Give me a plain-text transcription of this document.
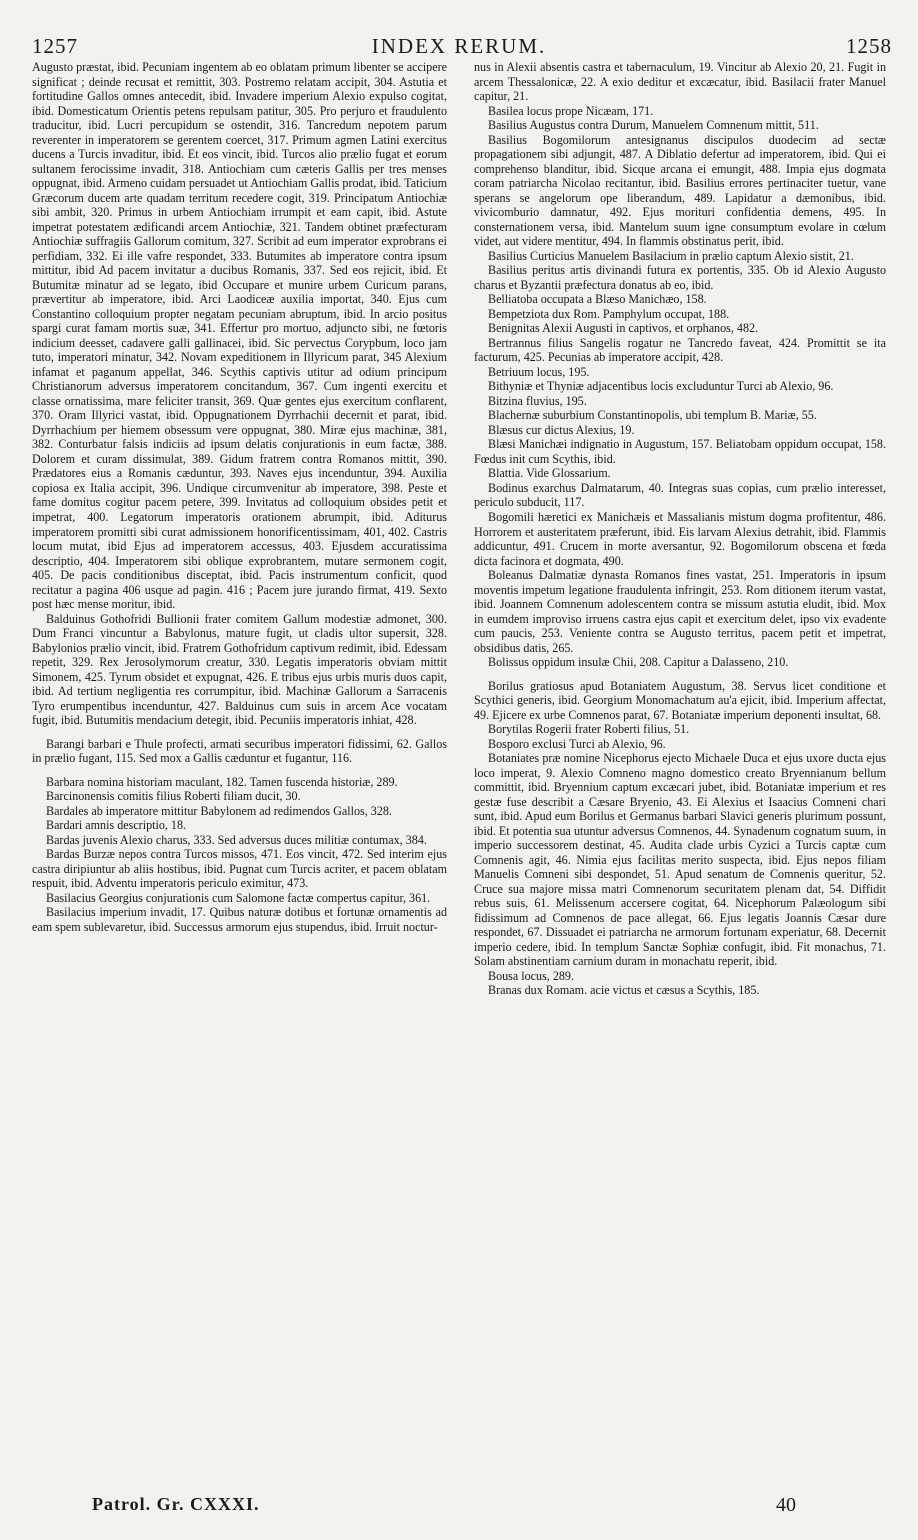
1257	INDEX RERUM.	1258

Augusto præstat, ibid. Pecuniam ingentem ab eo oblatam primum libenter se accipere significat ; deinde recusat et remittit, 303. Postremo relatam accipit, 304. Astutia et fortitudine Gallos omnes antecedit, ibid. Invadere imperium Alexio expulso cogitat, ibid. Domesticatum Orientis petens repulsam patitur, 305. Pro perjuro et fraudulento traducitur, ibid. Lucri percupidum se ostendit, 316. Tancredum nepotem parum reverenter in imperatorem se gerentem coercet, 317. Primum agmen Latini exercitus ducens a Turcis invaditur, ibid. Et eos vincit, ibid. Turcos alio prælio fugat et eorum sultanem ferocissime invadit, 318. Antiochiam cum cæteris Gallis per tres menses oppugnat, ibid. Armeno cuidam persuadet ut Antiochiam Gallis prodat, ibid. Taticium Græcorum ducem arte quadam territum recedere cogit, 319. Principatum Antiochiæ sibi ambit, 320. Primus in urbem Antiochiam irrumpit et eam capit, ibid. Astute impetrat potestatem ædificandi arcem Antiochiæ, 321. Tandem obtinet præfecturam Antiochiæ suffragiis Gallorum comitum, 327. Scribit ad eum imperator exprobrans ei perfidiam, 332. Ei ille vafre respondet, 333. Butumites ab imperatore contra ipsum mittitur, ibid Ad pacem invitatur a ducibus Romanis, 337. Sed eos rejicit, ibid. Et Butumitæ minatur ad se legato, ibid Occupare et munire urbem Curicum parans, prævertitur ab imperatore, ibid. Arci Laodiceæ auxilia importat, 340. Ejus cum Constantino colloquium propter negatam pecuniam abruptum, ibid. In arcio positus spargi curat famam mortis suæ, 341. Effertur pro mortuo, adjuncto sibi, ne fœtoris indicium deesset, cadavere galli gallinacei, ibid. Sic pervectus Corypbum, loco jam tuto, imperatori minatur, 342. Novam expeditionem in Illyricum parat, 345 Alexium infamat et paganum appellat, 346. Scythis captivis utitur ad odium principum Christianorum adversus imperatorem concitandum, 367. Cum ingenti exercitu et classe ornatissima, mare feliciter transit, 369. Quæ gentes ejus exercitum conflarent, 370. Oram Illyrici vastat, ibid. Oppugnationem Dyrrhachii decernit et parat, ibid. Dyrrhachium per hiemem obsessum vere oppugnat, 380. Miræ ejus machinæ, 381, 382. Conturbatur falsis indiciis ad ipsum delatis conjurationis in eum factæ, 388. Dolorem et curam dissimulat, 389. Gidum fratrem contra Romanos mittit, 390. Prædatores eius a Romanis cæduntur, 393. Naves ejus incenduntur, 394. Auxilia copiosa ex Italia accipit, 396. Undique circumvenitur ab imperatore, 398. Peste et fame domitus cogitur pacem petere, 399. Invitatus ad colloquium obsides petit et impetrat, 400. Legatorum imperatoris orationem abrumpit, ibid. Aditurus imperatorem promitti sibi curat admissionem honorificentissimam, 401, 402. Castris locum mutat, ibid Ejus ad imperatorem accessus, 403. Ejusdem accuratissima descriptio, 404. Imperatorem sibi oblique exprobrantem, mutare sermonem cogit, 405. De pacis conditionibus disceptat, ibid. Pacis instrumentum conficit, quod recitatur a pagina 406 usque ad pagin. 416 ; Pacem jure jurando firmat, 419. Sexto post hæc mense moritur, ibid.

Balduinus Gothofridi Bullionii frater comitem Gallum modestiæ admonet, 300. Dum Franci vincuntur a Babylonus, mature fugit, ut cladis ultor supersit, 328. Babylonios prælio vincit, ibid. Fratrem Gothofridum captivum redimit, ibid. Edessam repetit, 329. Rex Jerosolymorum creatur, 330. Legatis imperatoris obviam mittit Simonem, 425. Tyrum obsidet et expugnat, 426. E tribus ejus urbis muris duos capit, ibid. Ad tertium negligentia res corrumpitur, ibid. Machinæ Gallorum a Sarracenis Tyro erumpentibus incenduntur, 427. Balduinus cum suis in arcem Ace vocatam fugit, ibid. Butumitis mendacium detegit, ibid. Pecuniis imperatoris inhiat, 428.

Barangi barbari e Thule profecti, armati securibus imperatori fidissimi, 62. Gallos in prælio fugant, 115. Sed mox a Gallis cæduntur et fugantur, 116.

Barbara nomina historiam maculant, 182. Tamen fuscenda historiæ, 289.

Barcinonensis comitis filius Roberti filiam ducit, 30.

Bardales ab imperatore mittitur Babylonem ad redimendos Gallos, 328.

Bardari amnis descriptio, 18.

Bardas juvenis Alexio charus, 333. Sed adversus duces militiæ contumax, 384.

Bardas Burzæ nepos contra Turcos missos, 471. Eos vincit, 472. Sed interim ejus castra diripiuntur ab aliis hostibus, ibid. Pugnat cum Turcis acriter, et pacem oblatam respuit, ibid. Adventu imperatoris periculo eximitur, 473.

Basilacius Georgius conjurationis cum Salomone factæ compertus capitur, 361.

Basilacius imperium invadit, 17. Quibus naturæ dotibus et fortunæ ornamentis ad eam spem sublevaretur, ibid. Successus armorum ejus stupendus, ibid. Irruit noctur-

nus in Alexii absentis castra et tabernaculum, 19. Vincitur ab Alexio 20, 21. Fugit in arcem Thessalonicæ, 22. A exio deditur et excæcatur, ibid. Basilacii frater Manuel capitur, 21.

Basilea locus prope Nicæam, 171.

Basilius Augustus contra Durum, Manuelem Comnenum mittit, 511.

Basilius Bogomilorum antesignanus discipulos duodecim ad sectæ propagationem sibi adjungit, 487. A Diblatio defertur ad imperatorem, ibid. Qui ei comprehenso blanditur, ibid. Sicque arcana ei emungit, 488. Impia ejus dogmata coram patriarcha Nicolao recitantur, ibid. Basilius errores pertinaciter tuetur, vane sperans se angelorum ope liberandum, 489. Lapidatur a dæmonibus, ibid. vivicomburio damnatur, 492. Ejus morituri confidentia demens, 495. In consternationem versa, ibid. Mantelum suum igne consumptum evolare in cœlum videt, aut videre mentitur, 494. In flammis obstinatus perit, ibid.

Basilius Curticius Manuelem Basilacium in prælio captum Alexio sistit, 21.

Basilius peritus artis divinandi futura ex portentis, 335. Ob id Alexio Augusto charus et Byzantii præfectura donatus ab eo, ibid.

Belliatoba occupata a Blæso Manichæo, 158.

Bempetziota dux Rom. Pamphylum occupat, 188.

Benignitas Alexii Augusti in captivos, et orphanos, 482.

Bertrannus filius Sangelis rogatur ne Tancredo faveat, 424. Promittit se ita facturum, 425. Pecunias ab imperatore accipit, 428.

Betriuum locus, 195.

Bithyniæ et Thyniæ adjacentibus locis excluduntur Turci ab Alexio, 96.

Bitzina fluvius, 195.

Blachernæ suburbium Constantinopolis, ubi templum B. Mariæ, 55.

Blæsus cur dictus Alexius, 19.

Blæsi Manichæi indignatio in Augustum, 157. Beliatobam oppidum occupat, 158. Fœdus init cum Scythis, ibid.

Blattia. Vide Glossarium.

Bodinus exarchus Dalmatarum, 40. Integras suas copias, cum prælio interesset, periculo subducit, 117.

Bogomili hæretici ex Manichæis et Massalianis mistum dogma profitentur, 486. Horrorem et austeritatem præferunt, ibid. Eis larvam Alexius detrahit, ibid. Flammis addicuntur, 491. Crucem in morte aversantur, 92. Bogomilorum obscena et fœda dicta facinora et dogmata, 490.

Boleanus Dalmatiæ dynasta Romanos fines vastat, 251. Imperatoris in ipsum moventis impetum legatione fraudulenta infringit, 253. Rom ditionem iterum vastat, ibid. Joannem Comnenum adolescentem contra se missum astutia eludit, ibid. Mox in eumdem improviso irruens castra ejus capit et exercitum delet, ipso vix evadente cum paucis, 253. Veniente contra se Augusto territus, pacem petit et impetrat, obsidibus datis, 265.

Bolissus oppidum insulæ Chii, 208. Capitur a Dalasseno, 210.

Borilus gratiosus apud Botaniatem Augustum, 38. Servus licet conditione et Scythici generis, ibid. Georgium Monomachatum au'a ejicit, ibid. Imperium affectat, 49. Ejicere ex urbe Comnenos parat, 67. Botaniatæ imperium deponenti insultat, 68.

Borytilas Rogerii frater Roberti filius, 51.

Bosporo exclusi Turci ab Alexio, 96.

Botaniates præ nomine Nicephorus ejecto Michaele Duca et ejus uxore ducta ejus loco imperat, 9. Alexio Comneno magno domestico creato Bryennianum bellum committit, ibid. Bryennium captum excæcari jubet, ibid. Botaniatæ imperium et res gestæ fuse describit a Cæsare Bryenio, 43. Ei Alexius et Isaacius Comneni chari sunt, ibid. Apud eum Borilus et Germanus barbari Slavici generis plurimum possunt, ibid. Et potentia sua utuntur adversus Comnenos, 44. Synadenum cognatum suum, in imperio successorem destinat, 45. Audita clade urbis Cyzici a Turcis captæ cum Comnenis agit, 46. Nimia ejus facilitas merito suspecta, ibid. Ejus nepos filiam Manuelis Comneni sibi despondet, 51. Apud senatum de Comnenis queritur, 52. Cruce sua majore missa matri Comnenorum securitatem plenam dat, 54. Diffidit rebus suis, 61. Melissenum accersere cogitat, 64. Nicephorum Palæologum sibi fidissimum ad Comnenos de pace allegat, 66. Ejus legatis Joannis Cæsar dure respondet, 67. Dissuadet ei patriarcha ne armorum fortunam experiatur, 68. Decernit imperio cedere, ibid. In templum Sanctæ Sophiæ confugit, ibid. Fit monachus, 71. Solam abstinentiam carnium duram in monachatu reperit, ibid.

Bousa locus, 289.

Branas dux Romam. acie victus et cæsus a Scythis, 185.

Patrol. Gr. CXXXI.	40
